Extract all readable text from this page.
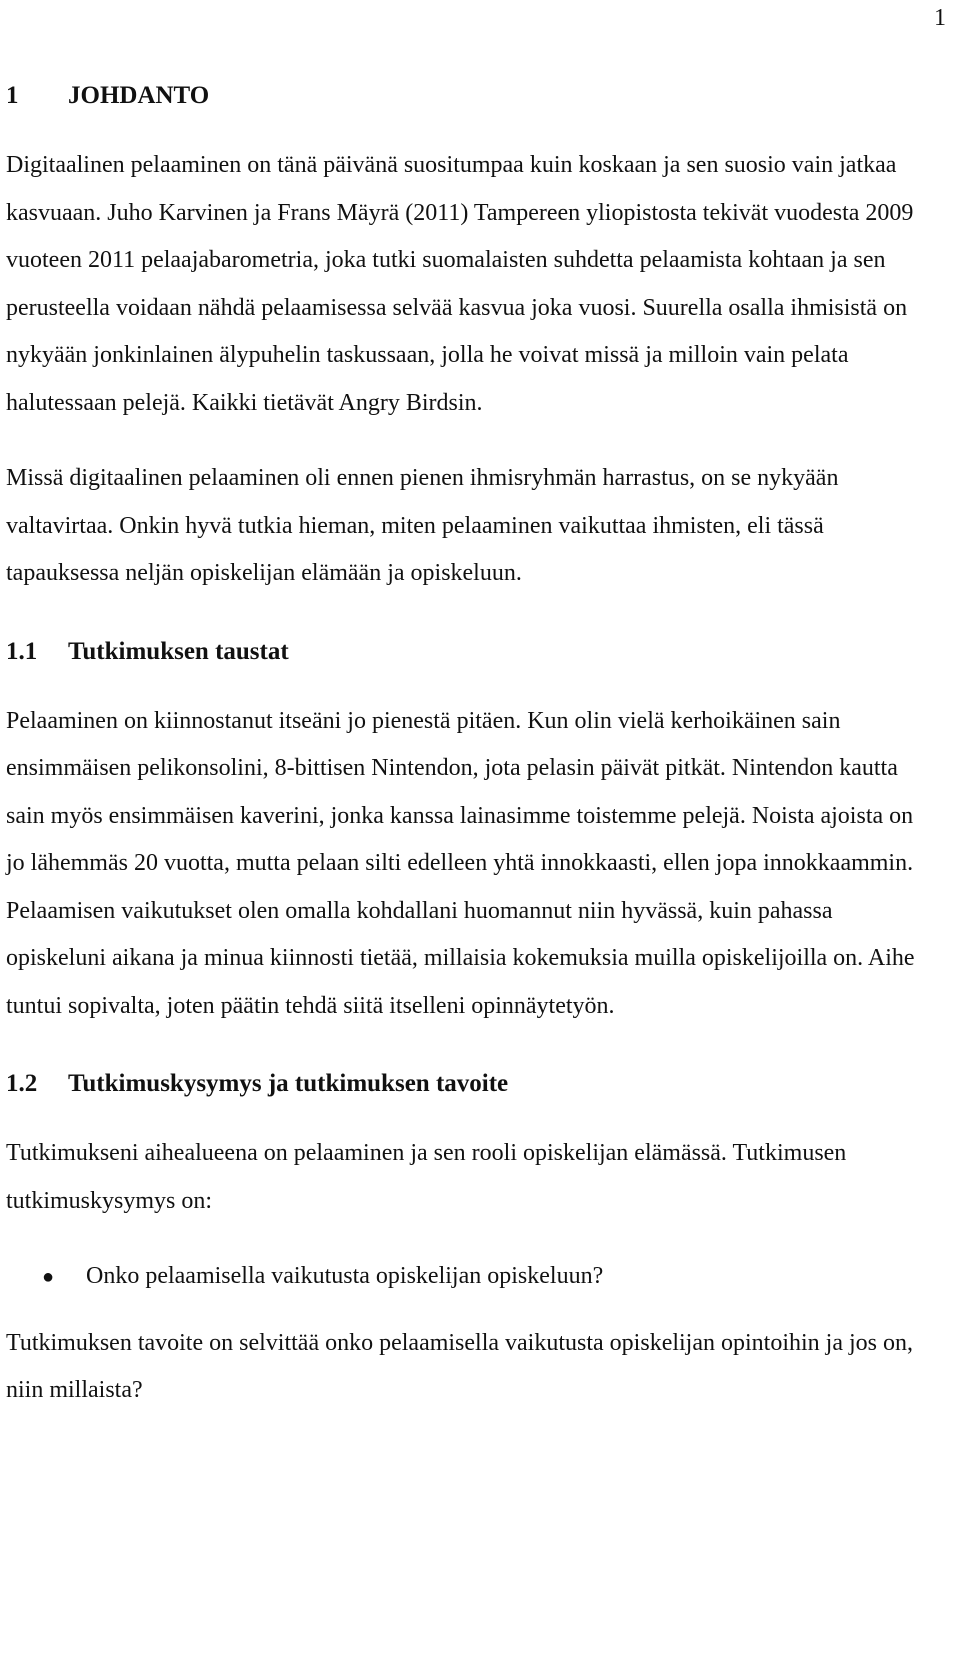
1
1	JOHDANTO

Digitaalinen pelaaminen on tänä päivänä suositumpaa kuin koskaan ja sen suosio vain jatkaa kasvuaan. Juho Karvinen ja Frans Mäyrä (2011) Tampereen yliopistosta tekivät vuodesta 2009 vuoteen 2011 pelaajabarometria, joka tutki suomalaisten suhdetta pelaamista kohtaan ja sen perusteella voidaan nähdä pelaamisessa selvää kasvua joka vuosi. Suurella osalla ihmisistä on nykyään jonkinlainen älypuhelin taskussaan, jolla he voivat missä ja milloin vain pelata halutessaan pelejä. Kaikki tietävät Angry Birdsin.

Missä digitaalinen pelaaminen oli ennen pienen ihmisryhmän harrastus, on se nykyään valtavirtaa. Onkin hyvä tutkia hieman, miten pelaaminen vaikuttaa ihmisten, eli tässä tapauksessa neljän opiskelijan elämään ja opiskeluun.

1.1	Tutkimuksen taustat

Pelaaminen on kiinnostanut itseäni jo pienestä pitäen. Kun olin vielä kerhoikäinen sain ensimmäisen pelikonsolini, 8-bittisen Nintendon, jota pelasin päivät pitkät. Nintendon kautta sain myös ensimmäisen kaverini, jonka kanssa lainasimme toistemme pelejä. Noista ajoista on jo lähemmäs 20 vuotta, mutta pelaan silti edelleen yhtä innokkaasti, ellen jopa innokkaammin. Pelaamisen vaikutukset olen omalla kohdallani huomannut niin hyvässä, kuin pahassa opiskeluni aikana ja minua kiinnosti tietää, millaisia kokemuksia muilla opiskelijoilla on. Aihe tuntui sopivalta, joten päätin tehdä siitä itselleni opinnäytetyön.

1.2	Tutkimuskysymys ja tutkimuksen tavoite

Tutkimukseni aihealueena on pelaaminen ja sen rooli opiskelijan elämässä. Tutkimusen tutkimuskysymys on:

●	Onko pelaamisella vaikutusta opiskelijan opiskeluun?

Tutkimuksen tavoite on selvittää onko pelaamisella vaikutusta opiskelijan opintoihin ja jos on, niin millaista?
